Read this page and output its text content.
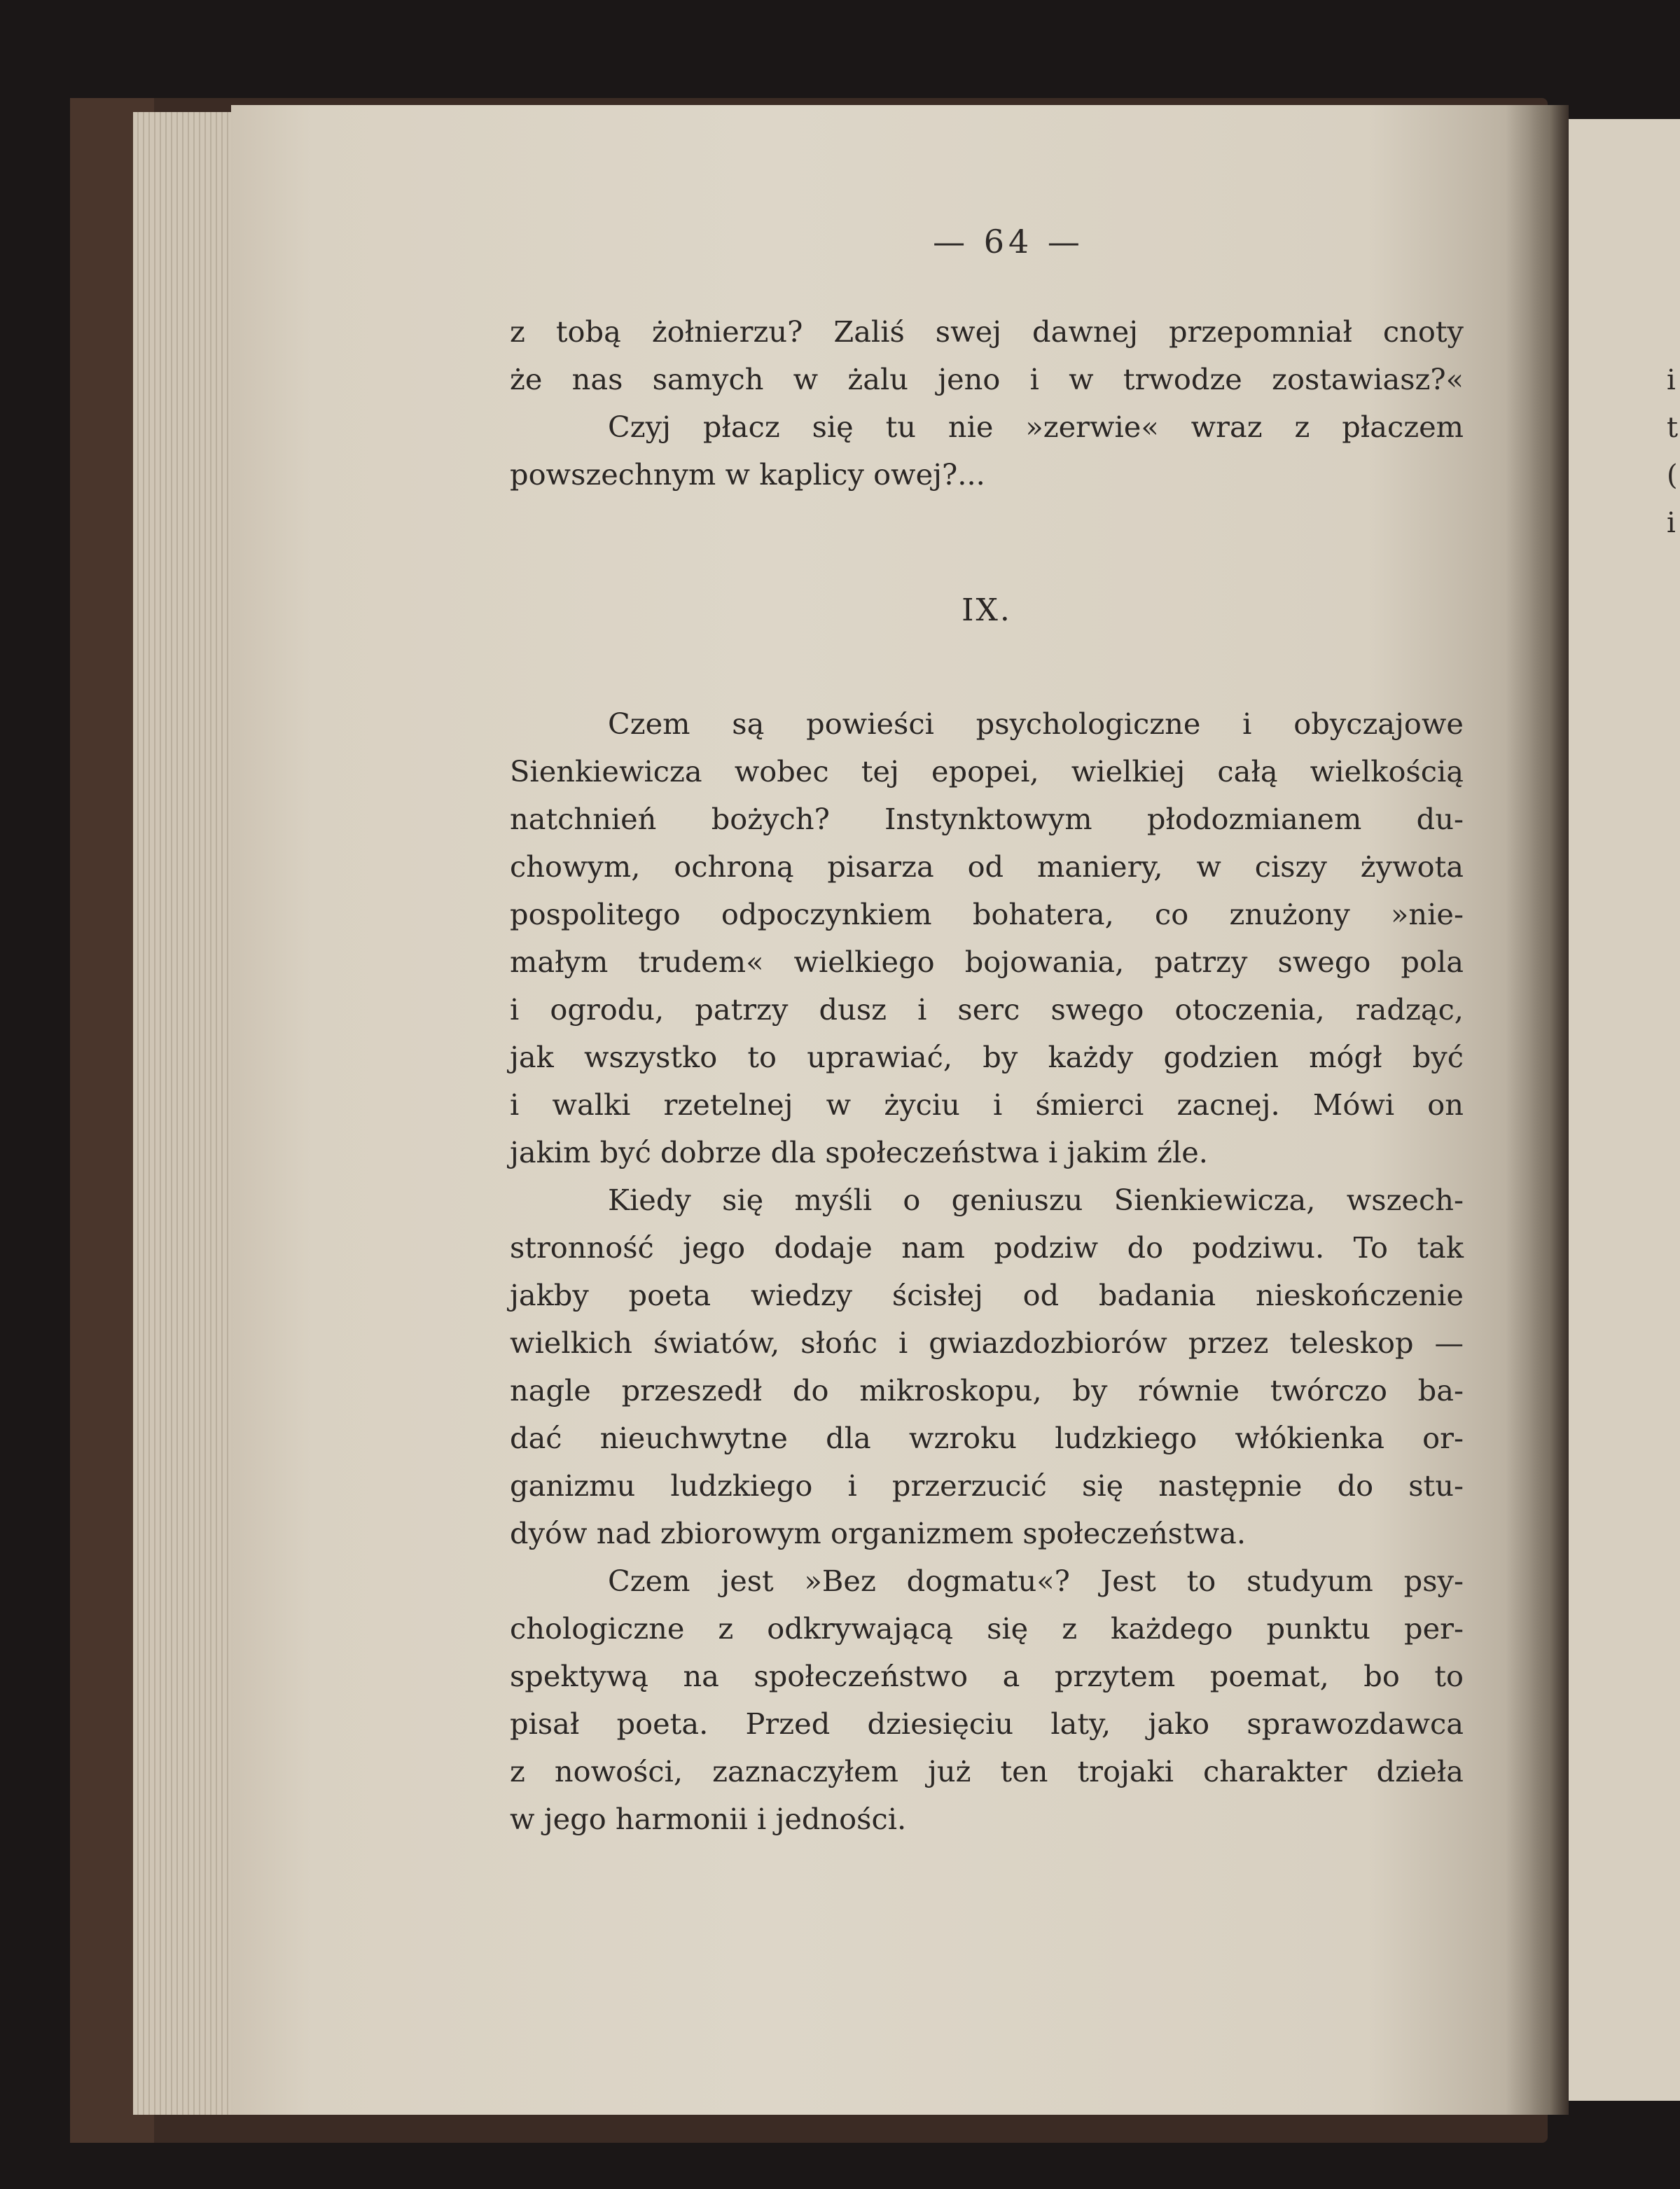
i
t
(
i
— 64 —
z tobą żołnierzu? Zaliś swej dawnej przepomniał cnoty
że nas samych w żalu jeno i w trwodze zostawiasz?«
Czyj płacz się tu nie »zerwie« wraz z płaczem
powszechnym w kaplicy owej?...
IX.
Czem są powieści psychologiczne i obyczajowe
Sienkiewicza wobec tej epopei, wielkiej całą wielkością
natchnień bożych? Instynktowym płodozmianem du-
chowym, ochroną pisarza od maniery, w ciszy żywota
pospolitego odpoczynkiem bohatera, co znużony »nie-
małym trudem« wielkiego bojowania, patrzy swego pola
i ogrodu, patrzy dusz i serc swego otoczenia, radząc,
jak wszystko to uprawiać, by każdy godzien mógł być
i walki rzetelnej w życiu i śmierci zacnej. Mówi on
jakim być dobrze dla społeczeństwa i jakim źle.
Kiedy się myśli o geniuszu Sienkiewicza, wszech-
stronność jego dodaje nam podziw do podziwu. To tak
jakby poeta wiedzy ścisłej od badania nieskończenie
wielkich światów, słońc i gwiazdozbiorów przez teleskop —
nagle przeszedł do mikroskopu, by równie twórczo ba-
dać nieuchwytne dla wzroku ludzkiego włókienka or-
ganizmu ludzkiego i przerzucić się następnie do stu-
dyów nad zbiorowym organizmem społeczeństwa.
Czem jest »Bez dogmatu«? Jest to studyum psy-
chologiczne z odkrywającą się z każdego punktu per-
spektywą na społeczeństwo a przytem poemat, bo to
pisał poeta. Przed dziesięciu laty, jako sprawozdawca
z nowości, zaznaczyłem już ten trojaki charakter dzieła
w jego harmonii i jedności.
